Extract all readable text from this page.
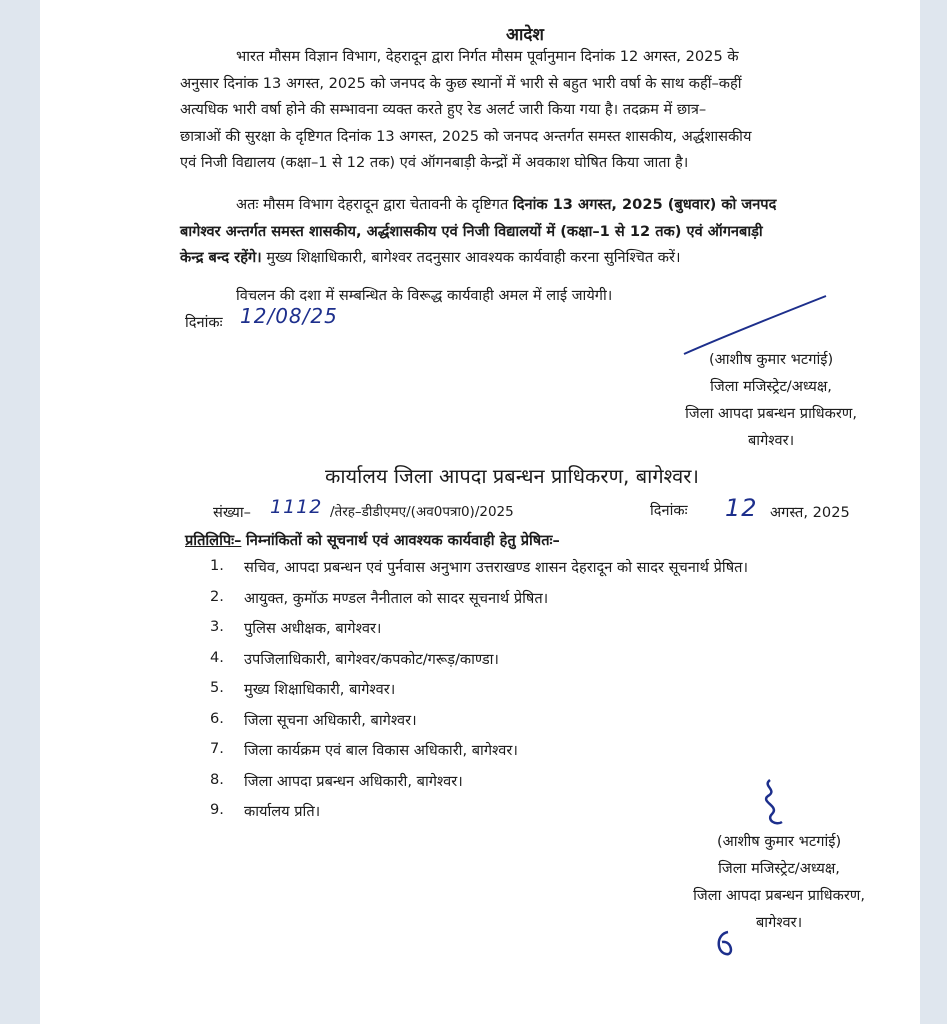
आदेश
भारत मौसम विज्ञान विभाग, देहरादून द्वारा निर्गत मौसम पूर्वानुमान दिनांक 12 अगस्त, 2025 के
अनुसार दिनांक 13 अगस्त, 2025 को जनपद के कुछ स्थानों में भारी से बहुत भारी वर्षा के साथ कहीं–कहीं
अत्यधिक भारी वर्षा होने की सम्भावना व्यक्त करते हुए रेड अलर्ट जारी किया गया है। तदक्रम में छात्र–
छात्राओं की सुरक्षा के दृष्टिगत दिनांक 13 अगस्त, 2025 को जनपद अन्तर्गत समस्त शासकीय, अर्द्धशासकीय
एवं निजी विद्यालय (कक्षा–1 से 12 तक) एवं ऑगनबाड़ी केन्द्रों में अवकाश घोषित किया जाता है।
अतः मौसम विभाग देहरादून द्वारा चेतावनी के दृष्टिगत दिनांक 13 अगस्त, 2025 (बुधवार) को जनपद
बागेश्वर अन्तर्गत समस्त शासकीय, अर्द्धशासकीय एवं निजी विद्यालयों में (कक्षा–1 से 12 तक) एवं ऑगनबाड़ी
केन्द्र बन्द रहेंगे। मुख्य शिक्षाधिकारी, बागेश्वर तदनुसार आवश्यक कार्यवाही करना सुनिश्चित करें।
विचलन की दशा में सम्बन्धित के विरूद्ध कार्यवाही अमल में लाई जायेगी।
दिनांकः 12/08/25
(आशीष कुमार भटगांई)
जिला मजिस्ट्रेट/अध्यक्ष,
जिला आपदा प्रबन्धन प्राधिकरण,
बागेश्वर।
कार्यालय जिला आपदा प्रबन्धन प्राधिकरण, बागेश्वर।
संख्या– 1112 /तेरह–डीडीएमए/(अव0पत्रा0)/2025	दिनांकः 12 अगस्त, 2025
प्रतिलिपिः– निम्नांकितों को सूचनार्थ एवं आवश्यक कार्यवाही हेतु प्रेषितः–
1.	सचिव, आपदा प्रबन्धन एवं पुर्नवास अनुभाग उत्तराखण्ड शासन देहरादून को सादर सूचनार्थ प्रेषित।
2.	आयुक्त, कुमॉऊ मण्डल नैनीताल को सादर सूचनार्थ प्रेषित।
3.	पुलिस अधीक्षक, बागेश्वर।
4.	उपजिलाधिकारी, बागेश्वर/कपकोट/गरूड़/काण्डा।
5.	मुख्य शिक्षाधिकारी, बागेश्वर।
6.	जिला सूचना अधिकारी, बागेश्वर।
7.	जिला कार्यक्रम एवं बाल विकास अधिकारी, बागेश्वर।
8.	जिला आपदा प्रबन्धन अधिकारी, बागेश्वर।
9.	कार्यालय प्रति।
(आशीष कुमार भटगांई)
जिला मजिस्ट्रेट/अध्यक्ष,
जिला आपदा प्रबन्धन प्राधिकरण,
बागेश्वर।
